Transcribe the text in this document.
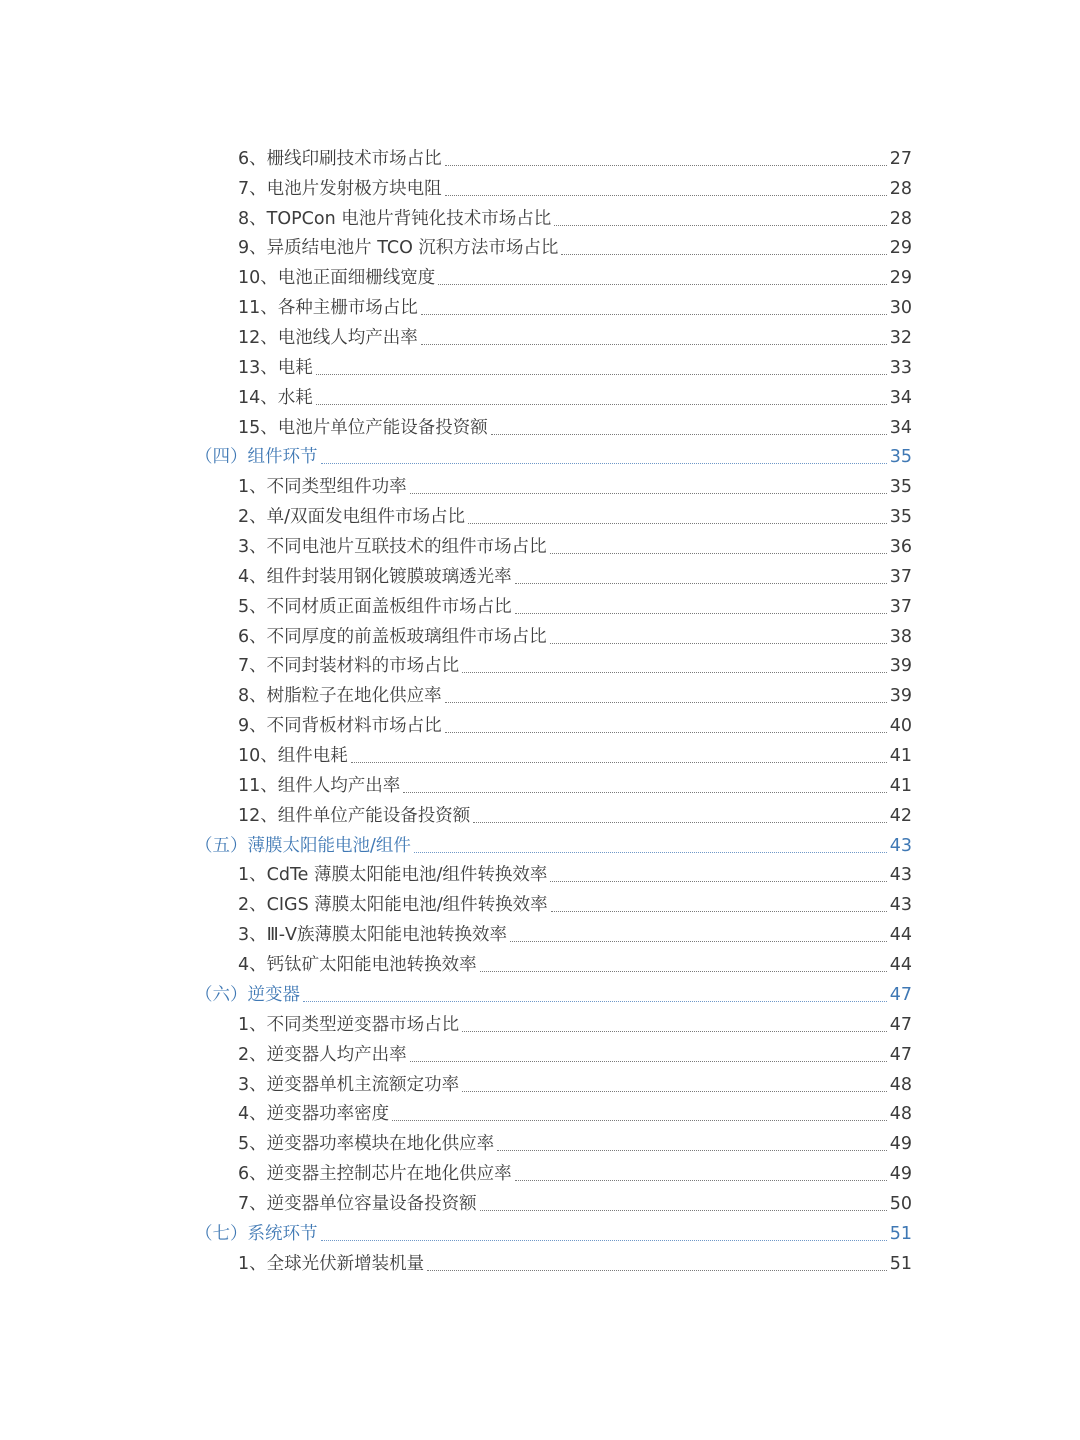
6、栅线印刷技术市场占比	27
7、电池片发射极方块电阻	28
8、TOPCon 电池片背钝化技术市场占比	28
9、异质结电池片 TCO 沉积方法市场占比	29
10、电池正面细栅线宽度	29
11、各种主栅市场占比	30
12、电池线人均产出率	32
13、电耗	33
14、水耗	34
15、电池片单位产能设备投资额	34
（四）组件环节	35
1、不同类型组件功率	35
2、单/双面发电组件市场占比	35
3、不同电池片互联技术的组件市场占比	36
4、组件封装用钢化镀膜玻璃透光率	37
5、不同材质正面盖板组件市场占比	37
6、不同厚度的前盖板玻璃组件市场占比	38
7、不同封装材料的市场占比	39
8、树脂粒子在地化供应率	39
9、不同背板材料市场占比	40
10、组件电耗	41
11、组件人均产出率	41
12、组件单位产能设备投资额	42
（五）薄膜太阳能电池/组件	43
1、CdTe 薄膜太阳能电池/组件转换效率	43
2、CIGS 薄膜太阳能电池/组件转换效率	43
3、Ⅲ-Ⅴ族薄膜太阳能电池转换效率	44
4、钙钛矿太阳能电池转换效率	44
（六）逆变器	47
1、不同类型逆变器市场占比	47
2、逆变器人均产出率	47
3、逆变器单机主流额定功率	48
4、逆变器功率密度	48
5、逆变器功率模块在地化供应率	49
6、逆变器主控制芯片在地化供应率	49
7、逆变器单位容量设备投资额	50
（七）系统环节	51
1、全球光伏新增装机量	51
